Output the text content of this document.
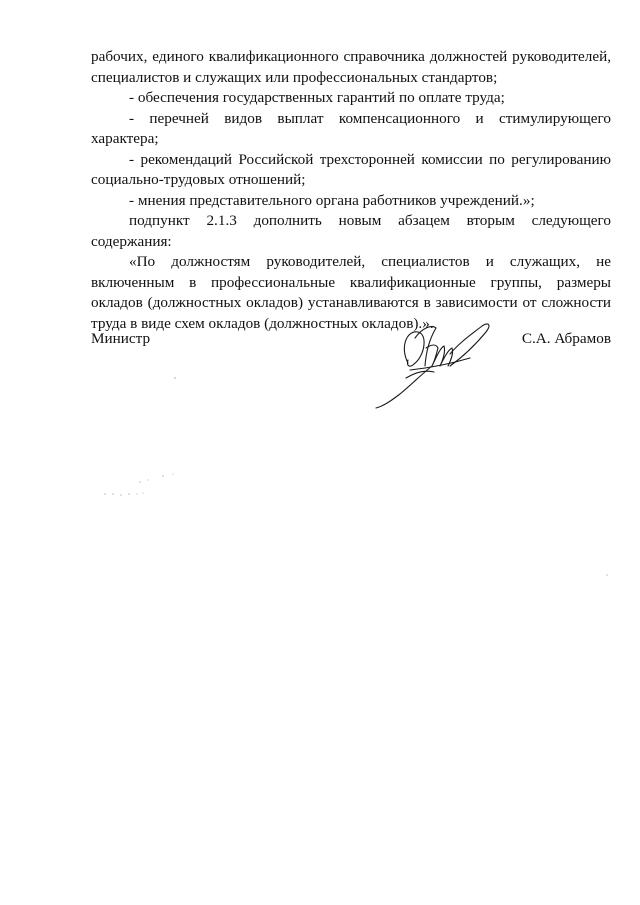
рабочих, единого квалификационного справочника должностей руководителей, специалистов и служащих или профессиональных стандартов;

- обеспечения государственных гарантий по оплате труда;

- перечней видов выплат компенсационного и стимулирующего характера;

- рекомендаций Российской трехсторонней комиссии по регулированию социально-трудовых отношений;

- мнения представительного органа работников учреждений.»;

подпункт 2.1.3 дополнить новым абзацем вторым следующего содержания:

«По должностям руководителей, специалистов и служащих, не включенным в профессиональные квалификационные группы, размеры окладов (должностных окладов) устанавливаются в зависимости от сложности труда в виде схем окладов (должностных окладов).».

Министр	С.А. Абрамов
